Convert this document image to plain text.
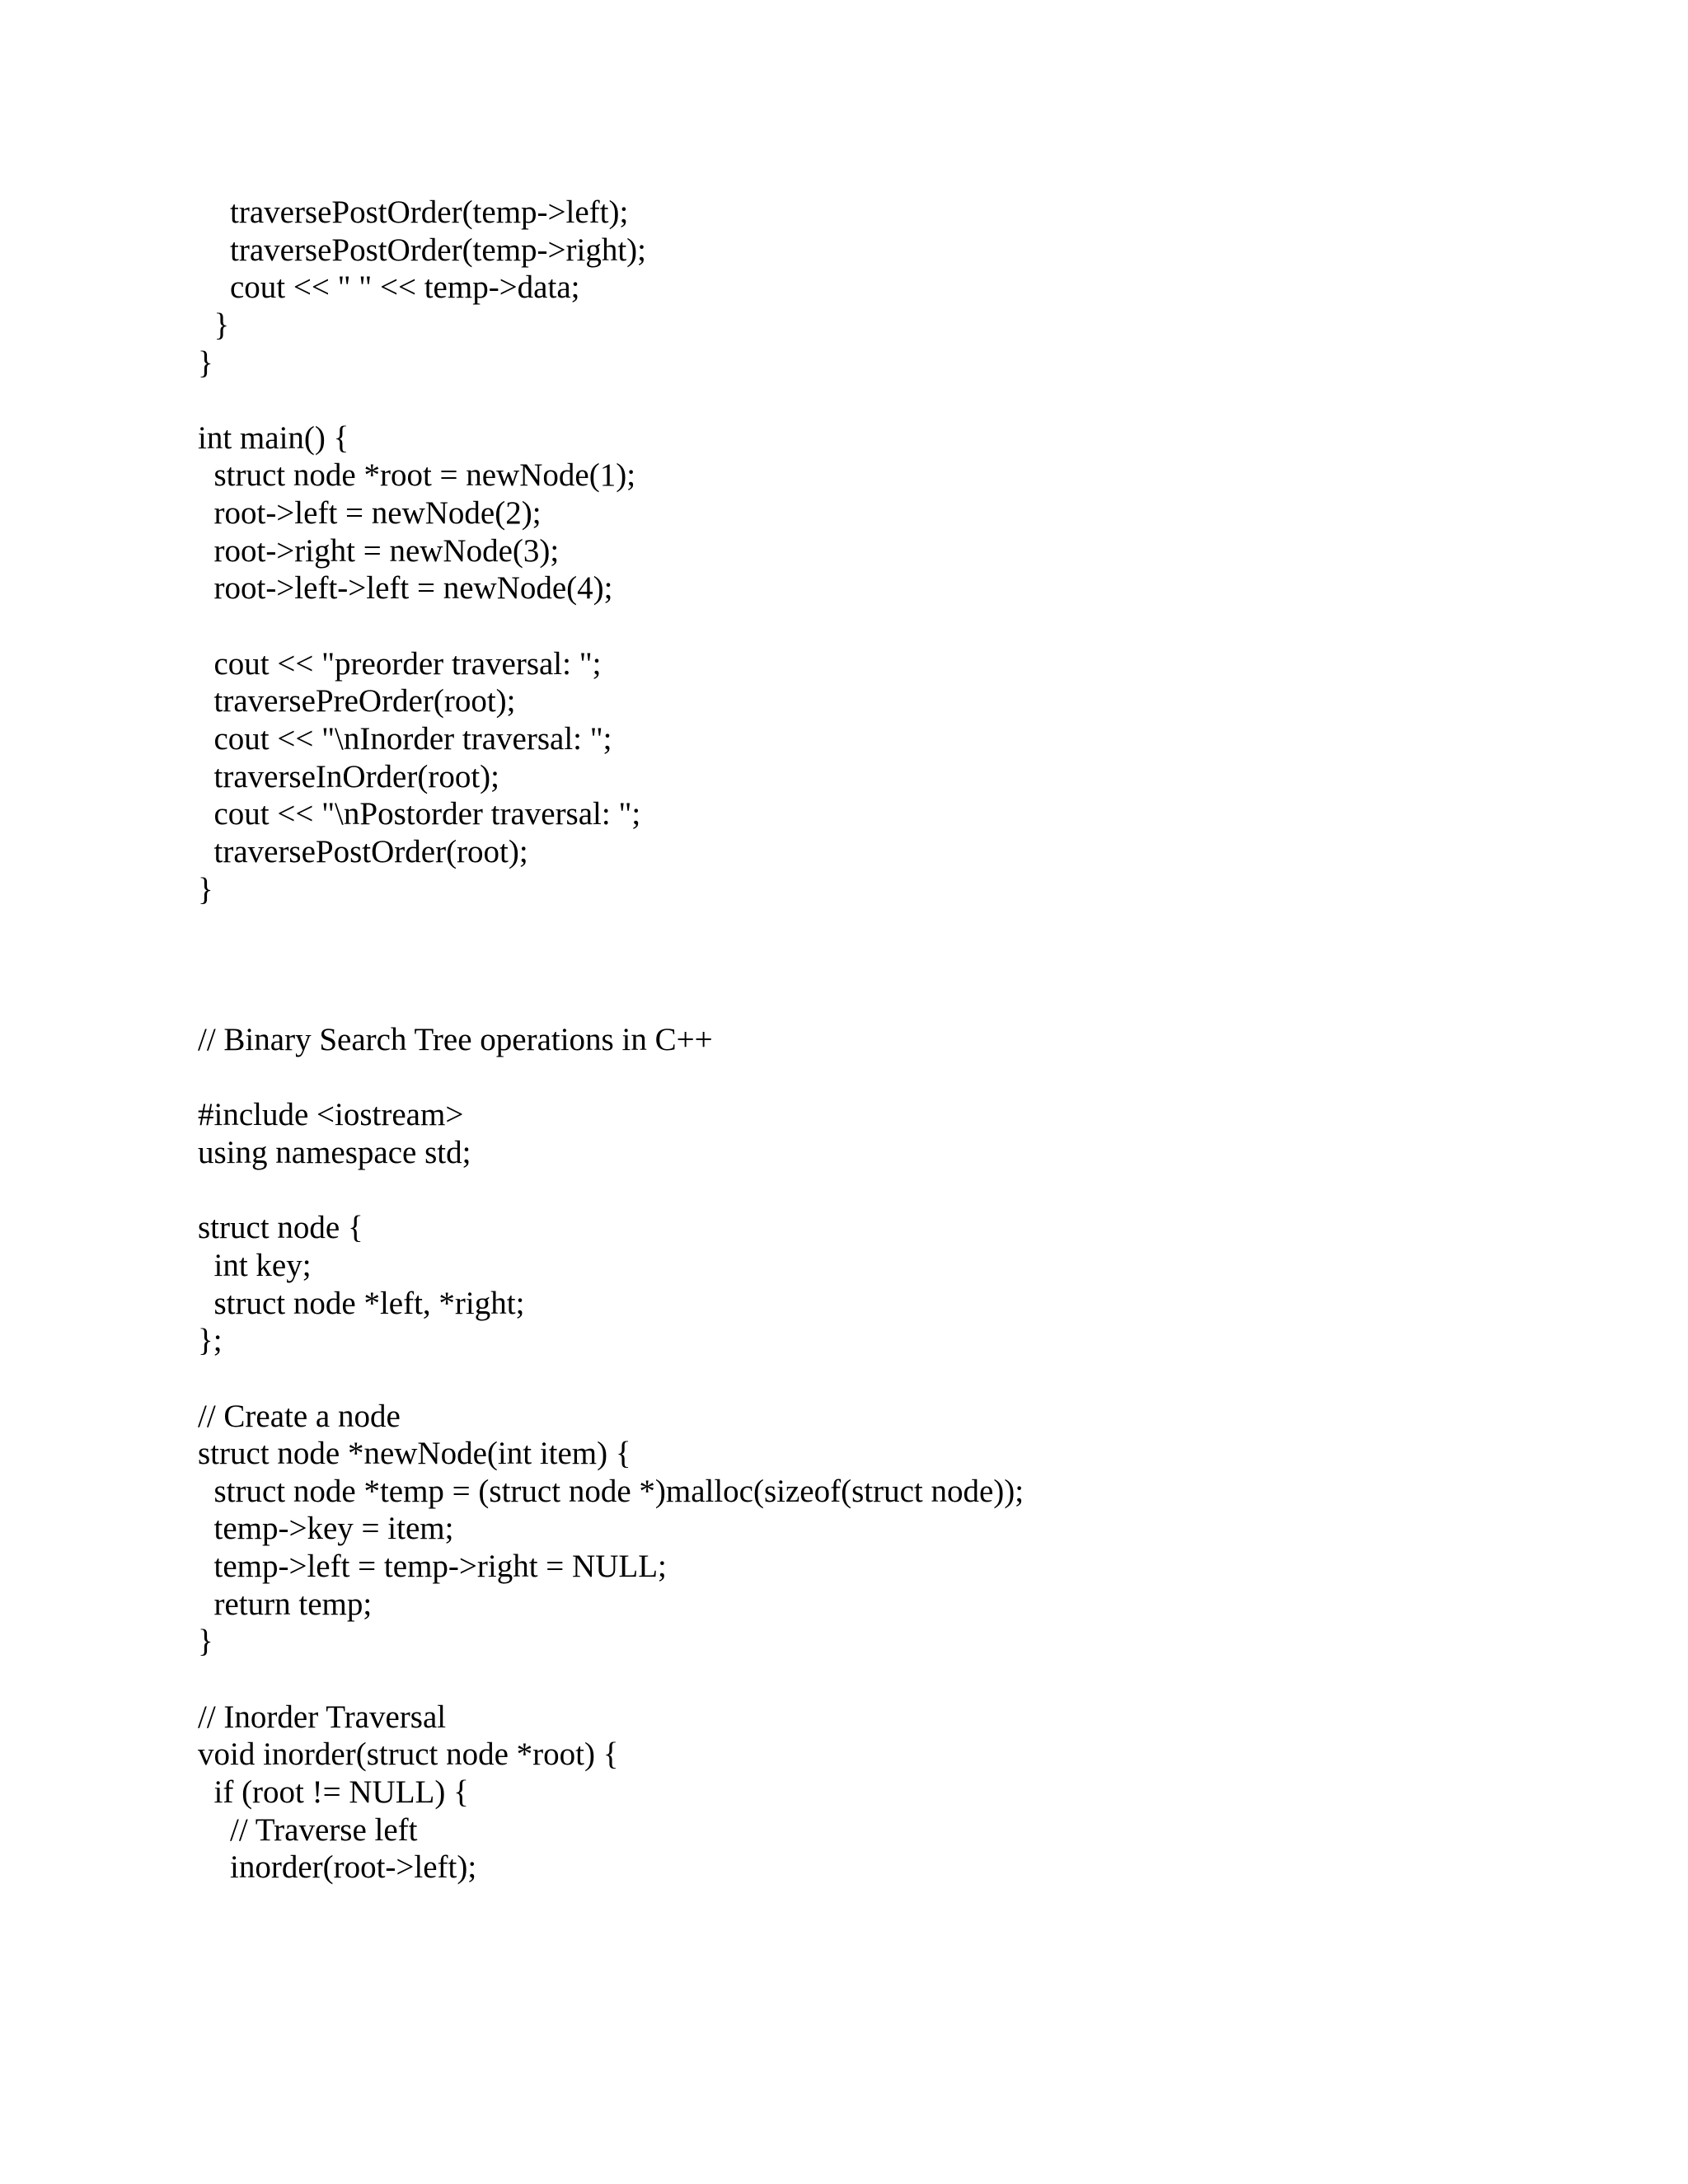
traversePostOrder(temp->left);
traversePostOrder(temp->right);
cout << " " << temp->data;
}
}
int main() {
struct node *root = newNode(1);
root->left = newNode(2);
root->right = newNode(3);
root->left->left = newNode(4);
cout << "preorder traversal: ";
traversePreOrder(root);
cout << "\nInorder traversal: ";
traverseInOrder(root);
cout << "\nPostorder traversal: ";
traversePostOrder(root);
}
// Binary Search Tree operations in C++
#include <iostream>
using namespace std;
struct node {
int key;
struct node *left, *right;
};
// Create a node
struct node *newNode(int item) {
struct node *temp = (struct node *)malloc(sizeof(struct node));
temp->key = item;
temp->left = temp->right = NULL;
return temp;
}
// Inorder Traversal
void inorder(struct node *root) {
if (root != NULL) {
// Traverse left
inorder(root->left);
